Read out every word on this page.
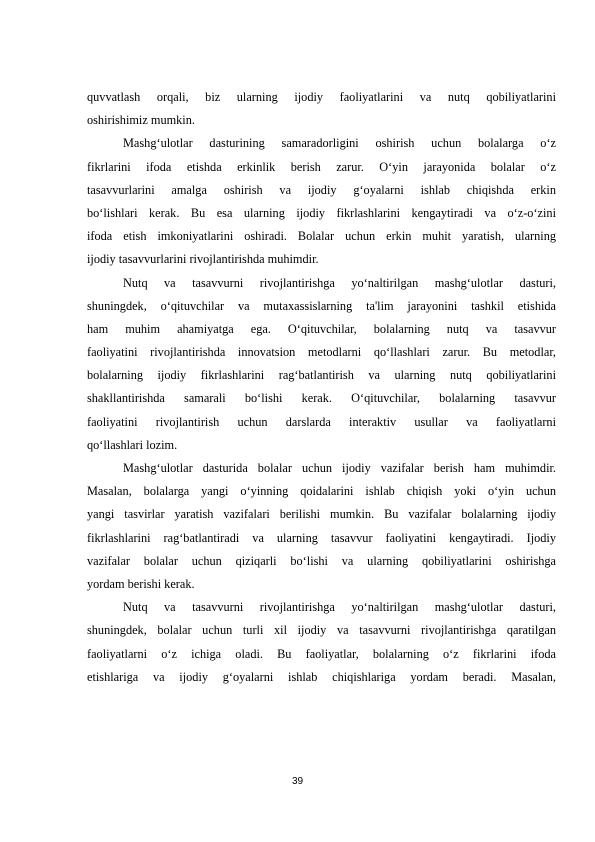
quvvatlash orqali, biz ularning ijodiy faoliyatlarini va nutq qobiliyatlarini
oshirishimiz mumkin.
Mashg‘ulotlar dasturining samaradorligini oshirish uchun bolalarga o‘z
fikrlarini ifoda etishda erkinlik berish zarur. O‘yin jarayonida bolalar o‘z
tasavvurlarini amalga oshirish va ijodiy g‘oyalarni ishlab chiqishda erkin
bo‘lishlari kerak. Bu esa ularning ijodiy fikrlashlarini kengaytiradi va o‘z-o‘zini
ifoda etish imkoniyatlarini oshiradi. Bolalar uchun erkin muhit yaratish, ularning
ijodiy tasavvurlarini rivojlantirishda muhimdir.
Nutq va tasavvurni rivojlantirishga yo‘naltirilgan mashg‘ulotlar dasturi,
shuningdek, o‘qituvchilar va mutaxassislarning ta'lim jarayonini tashkil etishida
ham muhim ahamiyatga ega. O‘qituvchilar, bolalarning nutq va tasavvur
faoliyatini rivojlantirishda innovatsion metodlarni qo‘llashlari zarur. Bu metodlar,
bolalarning ijodiy fikrlashlarini rag‘batlantirish va ularning nutq qobiliyatlarini
shakllantirishda samarali bo‘lishi kerak. O‘qituvchilar, bolalarning tasavvur
faoliyatini rivojlantirish uchun darslarda interaktiv usullar va faoliyatlarni
qo‘llashlari lozim.
Mashg‘ulotlar dasturida bolalar uchun ijodiy vazifalar berish ham muhimdir.
Masalan, bolalarga yangi o‘yinning qoidalarini ishlab chiqish yoki o‘yin uchun
yangi tasvirlar yaratish vazifalari berilishi mumkin. Bu vazifalar bolalarning ijodiy
fikrlashlarini rag‘batlantiradi va ularning tasavvur faoliyatini kengaytiradi. Ijodiy
vazifalar bolalar uchun qiziqarli bo‘lishi va ularning qobiliyatlarini oshirishga
yordam berishi kerak.
Nutq va tasavvurni rivojlantirishga yo‘naltirilgan mashg‘ulotlar dasturi,
shuningdek, bolalar uchun turli xil ijodiy va tasavvurni rivojlantirishga qaratilgan
faoliyatlarni o‘z ichiga oladi. Bu faoliyatlar, bolalarning o‘z fikrlarini ifoda
etishlariga va ijodiy g‘oyalarni ishlab chiqishlariga yordam beradi. Masalan,
39
